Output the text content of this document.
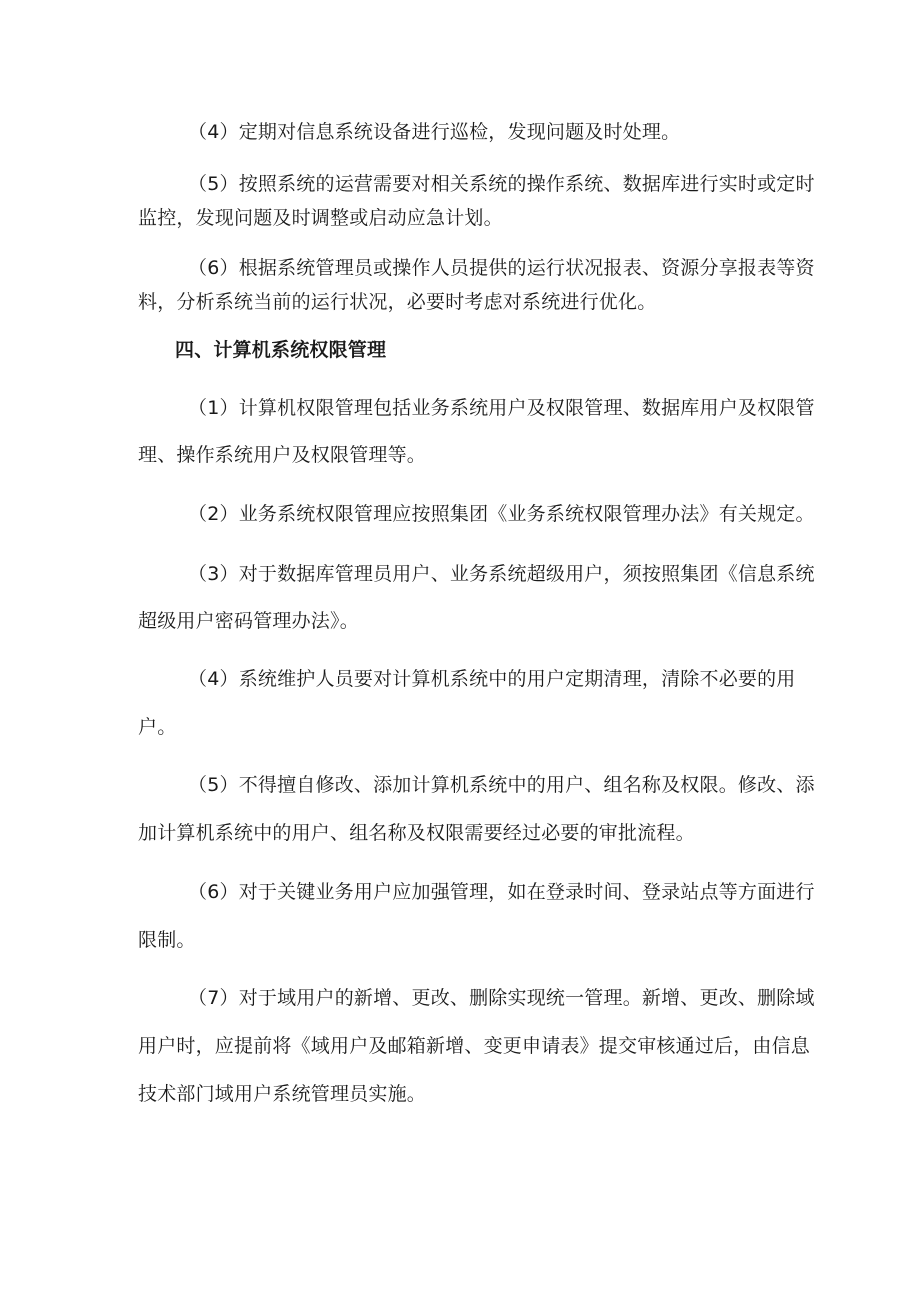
（4）定期对信息系统设备进行巡检，发现问题及时处理。
（5）按照系统的运营需要对相关系统的操作系统、数据库进行实时或定时
监控，发现问题及时调整或启动应急计划。
（6）根据系统管理员或操作人员提供的运行状况报表、资源分享报表等资
料，分析系统当前的运行状况，必要时考虑对系统进行优化。
四、计算机系统权限管理
（1）计算机权限管理包括业务系统用户及权限管理、数据库用户及权限管
理、操作系统用户及权限管理等。
（2）业务系统权限管理应按照集团《业务系统权限管理办法》有关规定。
（3）对于数据库管理员用户、业务系统超级用户，须按照集团《信息系统
超级用户密码管理办法》。
（4）系统维护人员要对计算机系统中的用户定期清理，清除不必要的用
户。
（5）不得擅自修改、添加计算机系统中的用户、组名称及权限。修改、添
加计算机系统中的用户、组名称及权限需要经过必要的审批流程。
（6）对于关键业务用户应加强管理，如在登录时间、登录站点等方面进行
限制。
（7）对于域用户的新增、更改、删除实现统一管理。新增、更改、删除域
用户时，应提前将《域用户及邮箱新增、变更申请表》提交审核通过后，由信息
技术部门域用户系统管理员实施。
